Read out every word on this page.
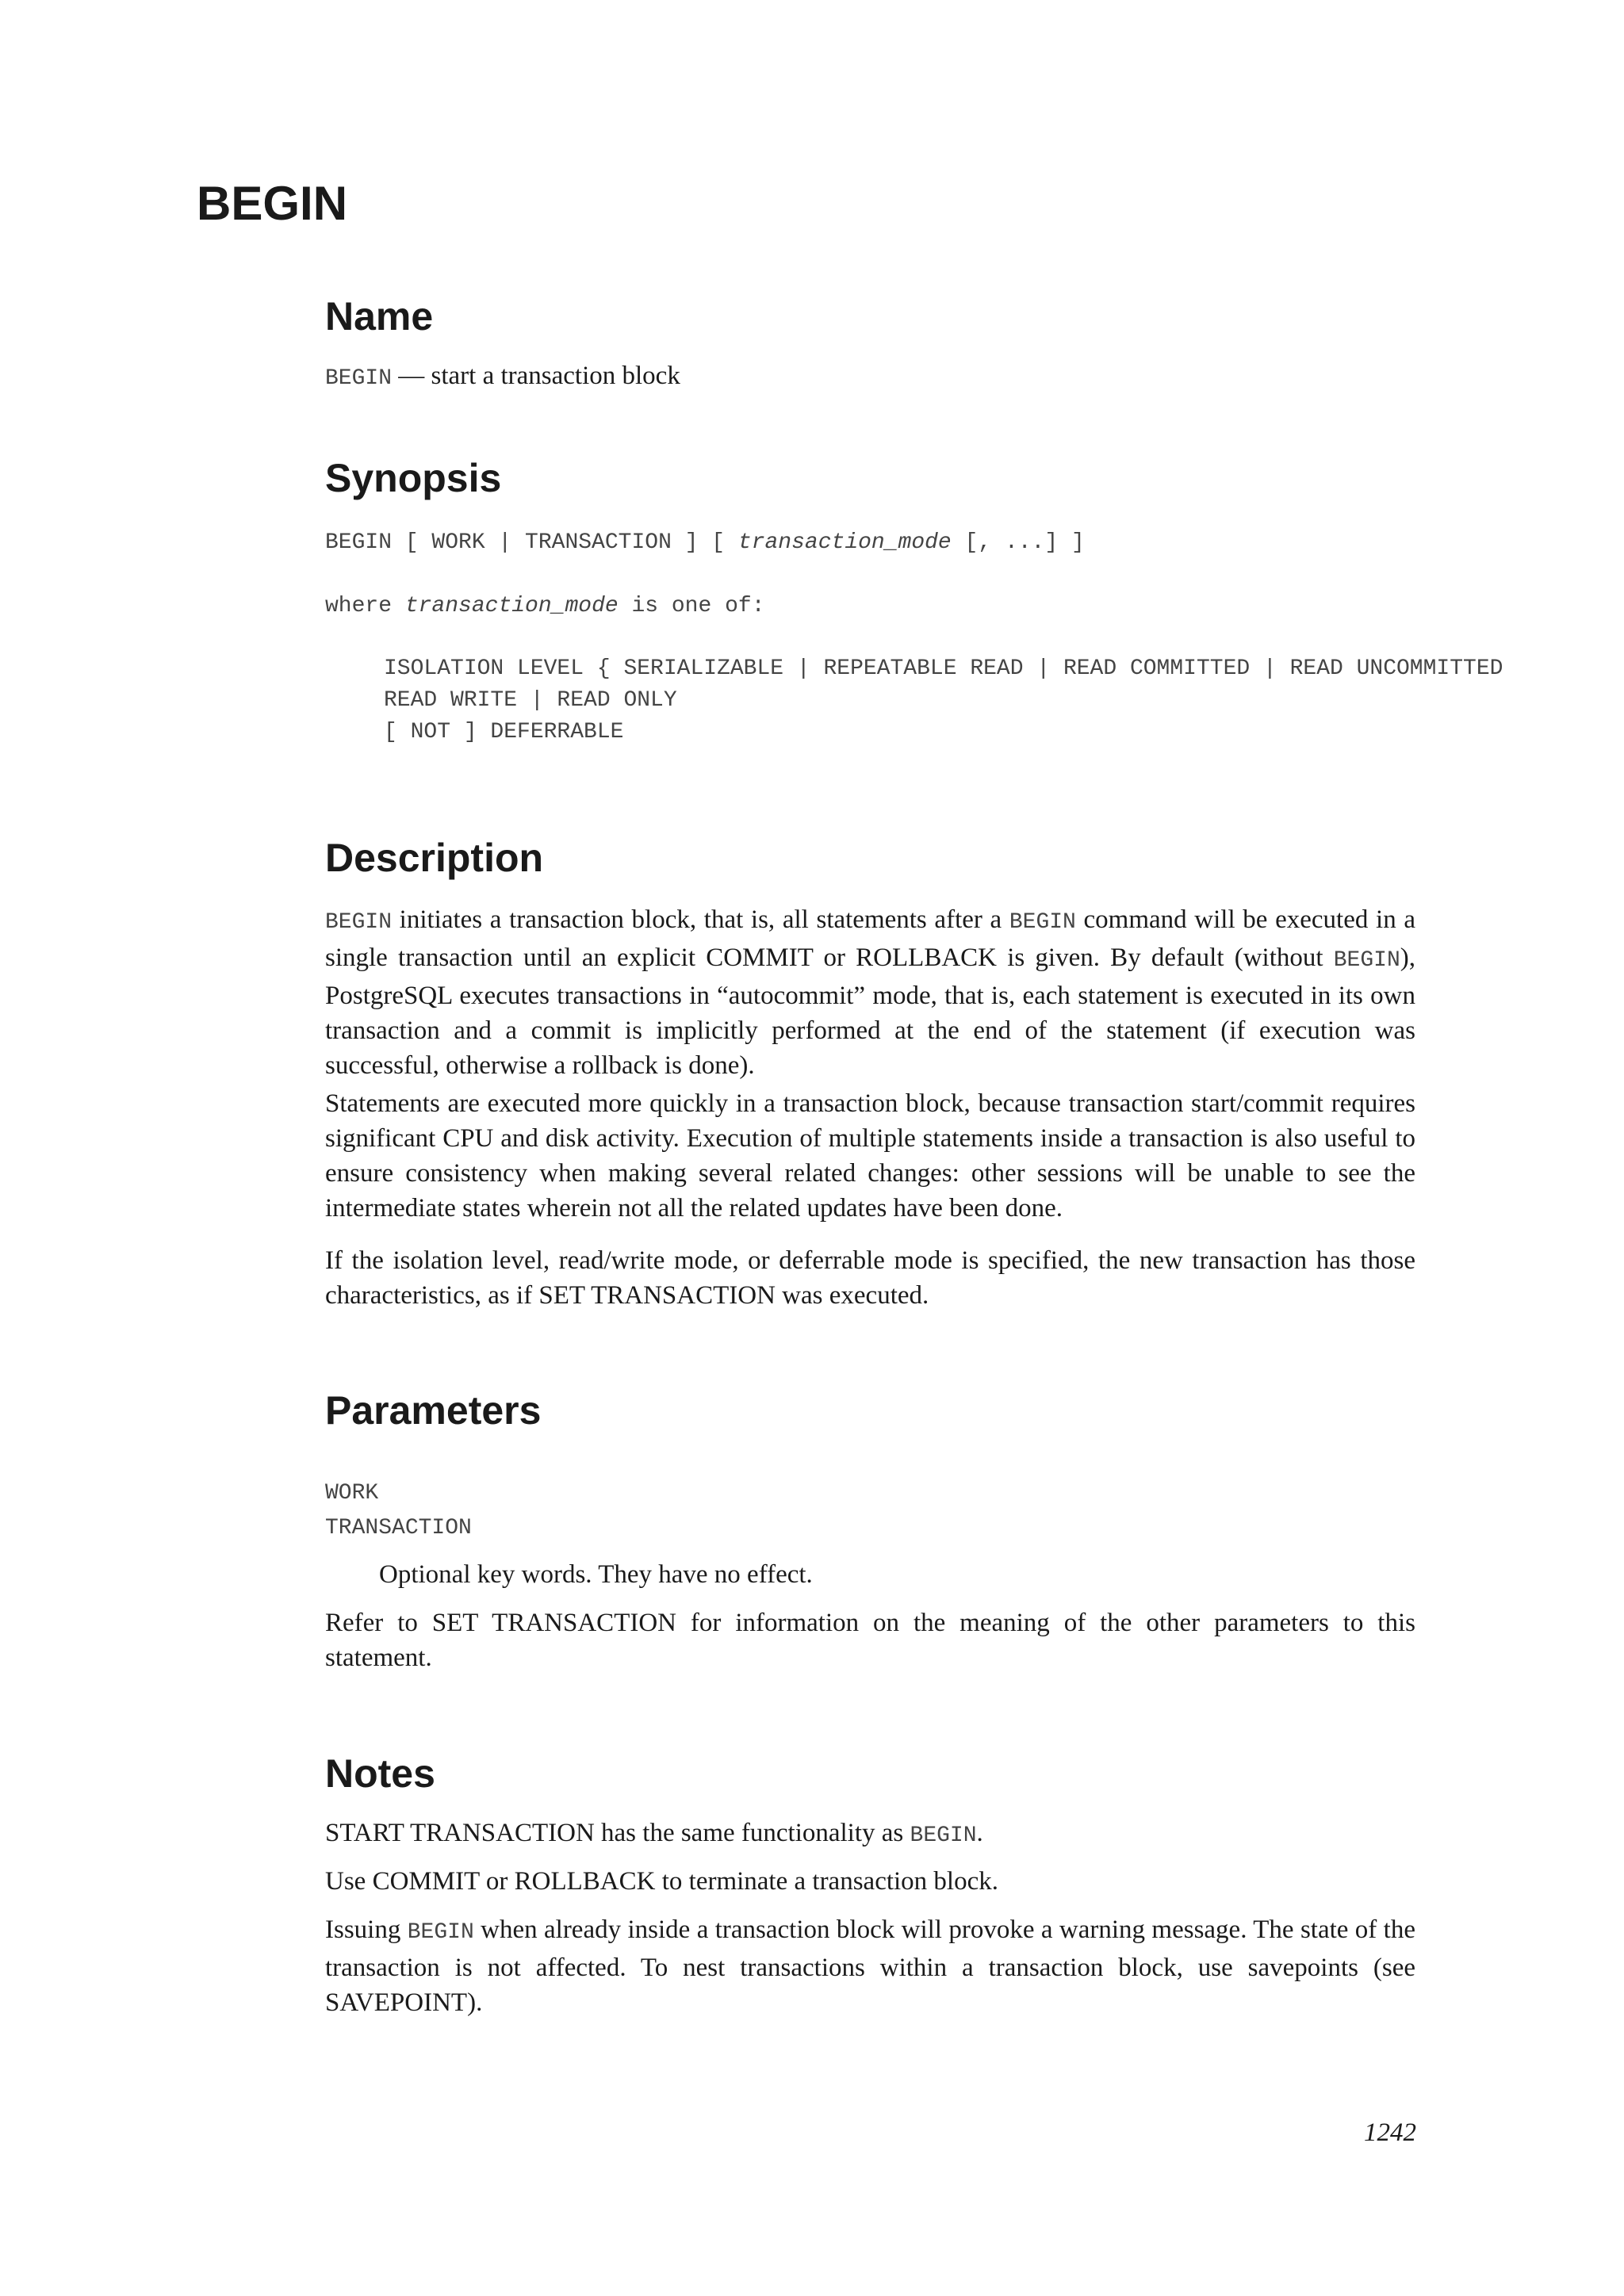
BEGIN
Name

BEGIN — start a transaction block

Synopsis
BEGIN [ WORK | TRANSACTION ] [ transaction_mode [, ...] ]
where transaction_mode is one of:
ISOLATION LEVEL { SERIALIZABLE | REPEATABLE READ | READ COMMITTED | READ UNCOMMITTED
READ WRITE | READ ONLY
[ NOT ] DEFERRABLE
Description

BEGIN initiates a transaction block, that is, all statements after a BEGIN command will be executed in a single transaction until an explicit COMMIT or ROLLBACK is given. By default (without BEGIN), PostgreSQL executes transactions in “autocommit” mode, that is, each statement is executed in its own transaction and a commit is implicitly performed at the end of the statement (if execution was successful, otherwise a rollback is done).

Statements are executed more quickly in a transaction block, because transaction start/commit requires significant CPU and disk activity. Execution of multiple statements inside a transaction is also useful to ensure consistency when making several related changes: other sessions will be unable to see the intermediate states wherein not all the related updates have been done.

If the isolation level, read/write mode, or deferrable mode is specified, the new transaction has those characteristics, as if SET TRANSACTION was executed.

Parameters
WORK
TRANSACTION

Optional key words. They have no effect.

Refer to SET TRANSACTION for information on the meaning of the other parameters to this statement.

Notes

START TRANSACTION has the same functionality as BEGIN.

Use COMMIT or ROLLBACK to terminate a transaction block.

Issuing BEGIN when already inside a transaction block will provoke a warning message. The state of the transaction is not affected. To nest transactions within a transaction block, use savepoints (see SAVEPOINT).

1242
